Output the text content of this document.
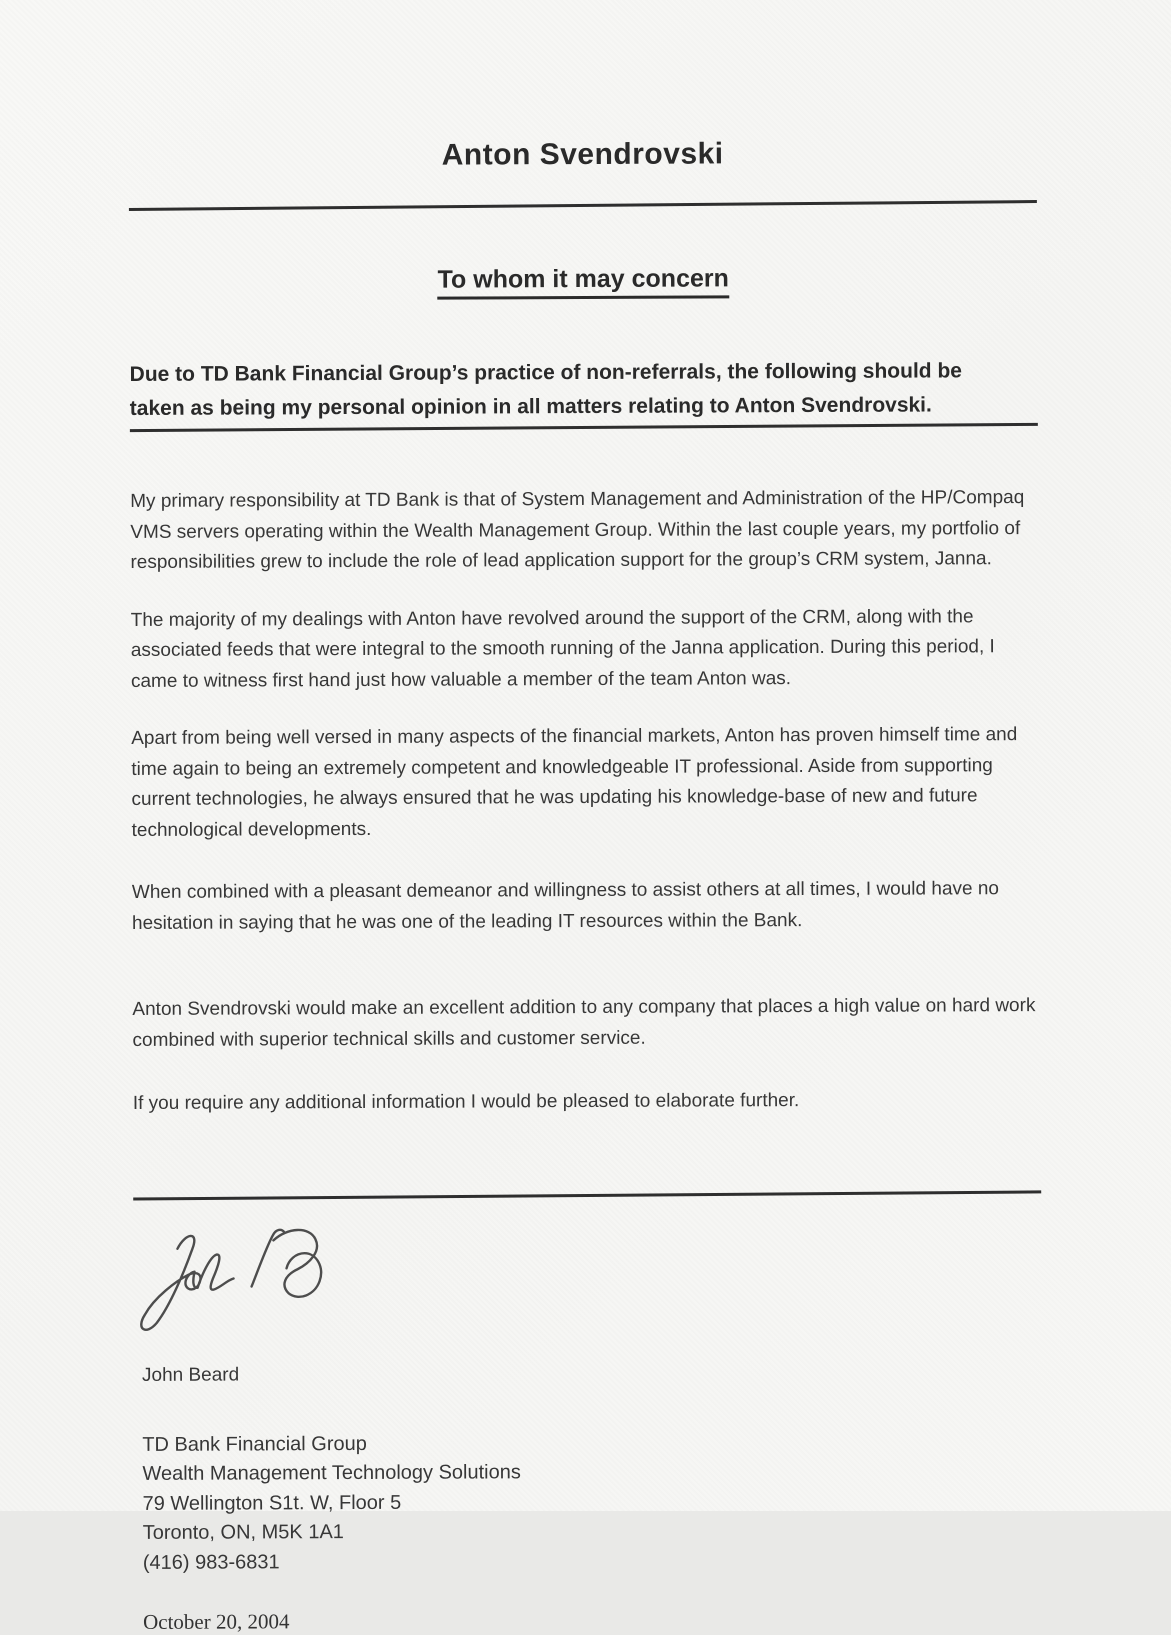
Anton Svendrovski
To whom it may concern

Due to TD Bank Financial Group’s practice of non-referrals, the following should be taken as being my personal opinion in all matters relating to Anton Svendrovski.

My primary responsibility at TD Bank is that of System Management and Administration of the HP/Compaq VMS servers operating within the Wealth Management Group. Within the last couple years, my portfolio of responsibilities grew to include the role of lead application support for the group’s CRM system, Janna.

The majority of my dealings with Anton have revolved around the support of the CRM, along with the associated feeds that were integral to the smooth running of the Janna application. During this period, I came to witness first hand just how valuable a member of the team Anton was.

Apart from being well versed in many aspects of the financial markets, Anton has proven himself time and time again to being an extremely competent and knowledgeable IT professional. Aside from supporting current technologies, he always ensured that he was updating his knowledge-base of new and future technological developments.

When combined with a pleasant demeanor and willingness to assist others at all times, I would have no hesitation in saying that he was one of the leading IT resources within the Bank.

Anton Svendrovski would make an excellent addition to any company that places a high value on hard work combined with superior technical skills and customer service.

If you require any additional information I would be pleased to elaborate further.

John Beard

TD Bank Financial Group
Wealth Management Technology Solutions
79 Wellington S1t. W, Floor 5
Toronto, ON, M5K 1A1
(416) 983-6831

October 20, 2004
